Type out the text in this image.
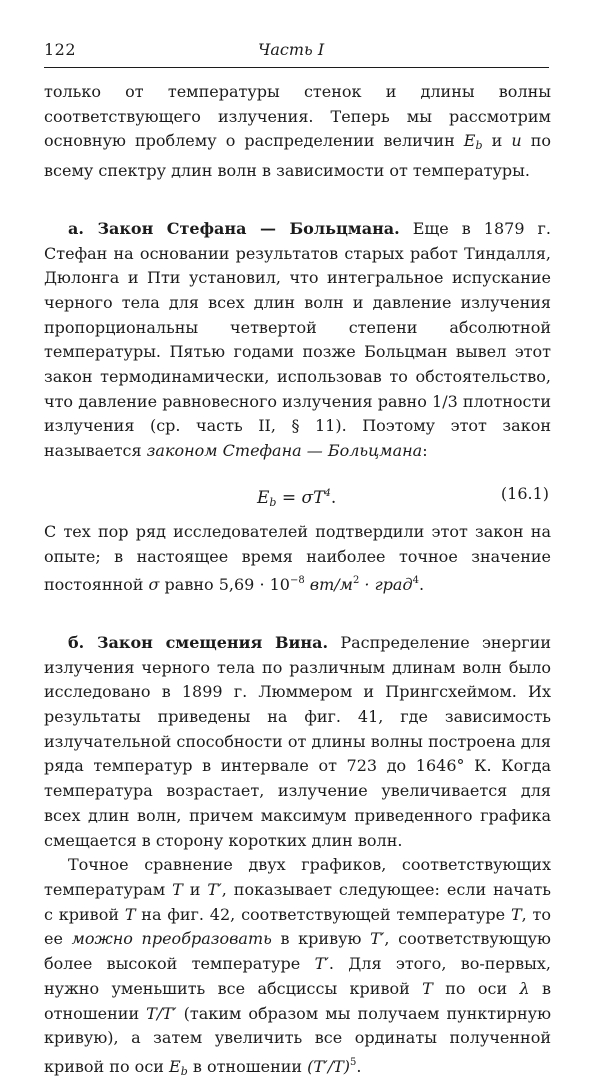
122	Часть I

только от температуры стенок и длины волны соответствующего излучения. Теперь мы рассмотрим основную проблему о распределении величин $E_b$ и u по всему спектру длин волн в зависимости от температуры.

а. Закон Стефана — Больцмана. Еще в 1879 г. Стефан на основании результатов старых работ Тиндалля, Дюлонга и Пти установил, что интегральное испускание черного тела для всех длин волн и давление излучения пропорциональны четвертой степени абсолютной температуры. Пятью годами позже Больцман вывел этот закон термодинамически, использовав то обстоятельство, что давление равновесного излучения равно 1/3 плотности излучения (ср. часть II, § 11). Поэтому этот закон называется законом Стефана — Больцмана:

$E_b = \sigma T^4$.	(16.1)

С тех пор ряд исследователей подтвердили этот закон на опыте; в настоящее время наиболее точное значение постоянной σ равно $5,69 \cdot 10^{-8}$ $вт/м^2$ · град$^4$.

б. Закон смещения Вина. Распределение энергии излучения черного тела по различным длинам волн было исследовано в 1899 г. Люммером и Прингсхеймом. Их результаты приведены на фиг. 41, где зависимость излучательной способности от длины волны построена для ряда температур в интервале от 723 до 1646° К. Когда температура возрастает, излучение увеличивается для всех длин волн, причем максимум приведенного графика смещается в сторону коротких длин волн.

Точное сравнение двух графиков, соответствующих температурам T и T′, показывает следующее: если начать с кривой T на фиг. 42, соответствующей температуре T, то ее можно преобразовать в кривую T′, соответствующую более высокой температуре T′. Для этого, во-первых, нужно уменьшить все абсциссы кривой T по оси λ в отношении T/T′ (таким образом мы получаем пунктирную кривую), а затем увеличить все ординаты полученной кривой по оси $E_b$ в отношении $(T'/T)^5$.
